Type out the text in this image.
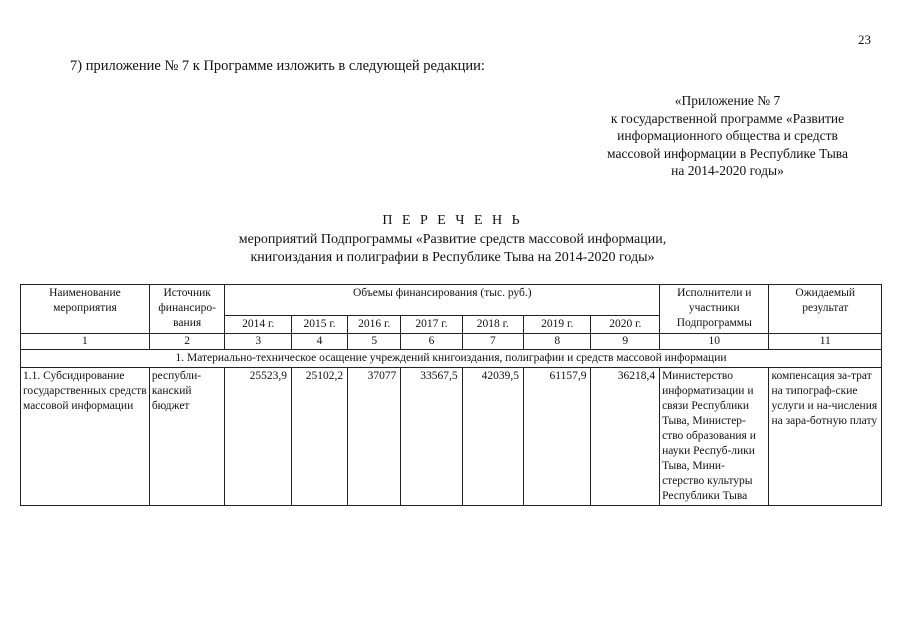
23
7) приложение № 7 к Программе изложить в следующей редакции:
«Приложение № 7
к государственной программе «Развитие
информационного общества и средств
массовой информации в Республике Тыва
на 2014-2020 годы»
П Е Р Е Ч Е Н Ь
мероприятий Подпрограммы «Развитие средств массовой информации,
книгоиздания и полиграфии в Республике Тыва на 2014-2020 годы»
Наименование мероприятия	Источник финансиро-вания	Объемы финансирования (тыс. руб.)							Исполнители и участники Подпрограммы	Ожидаемый результат
		2014 г.	2015 г.	2016 г.	2017 г.	2018 г.	2019 г.	2020 г.		
1	2	3	4	5	6	7	8	9	10	11
1. Материально-техническое осащение учреждений книгоиздания, полиграфии и средств массовой информации										
1.1. Субсидирование государственных средств массовой информации	республи-канский бюджет	25523,9	25102,2	37077	33567,5	42039,5	61157,9	36218,4	Министерство информатизации и связи Республики Тыва, Министер-ство образования и науки Респуб-лики Тыва, Мини-стерство культуры Республики Тыва	компенсация за-трат на типограф-ские услуги и на-числения на зара-ботную плату
